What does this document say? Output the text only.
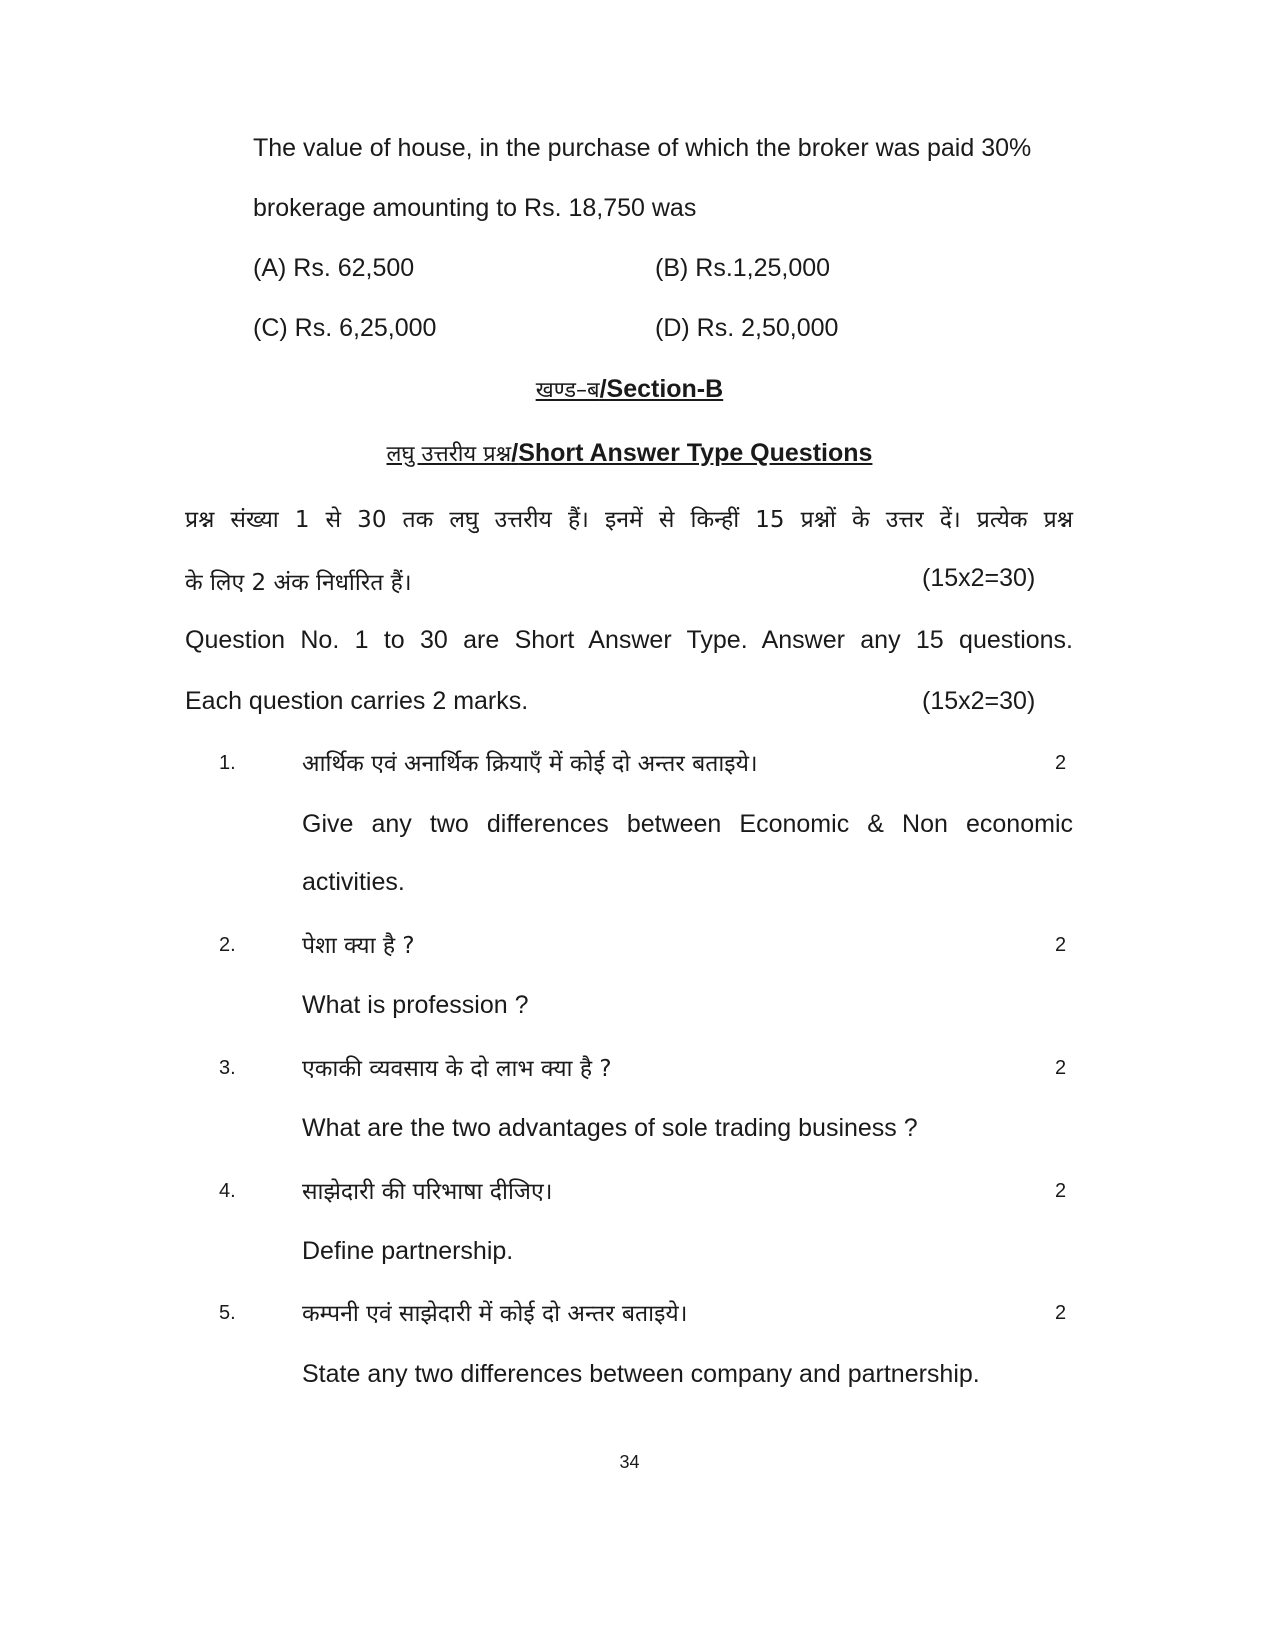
The value of house, in the purchase of which the broker was paid 30%
brokerage amounting to Rs. 18,750 was
(A) Rs. 62,500	(B) Rs.1,25,000
(C) Rs. 6,25,000	(D) Rs. 2,50,000
खण्ड–ब/Section-B
लघु उत्तरीय प्रश्न/Short Answer Type Questions
प्रश्न संख्या 1 से 30 तक लघु उत्तरीय हैं। इनमें से किन्हीं 15 प्रश्नों के उत्तर दें। प्रत्येक प्रश्न
के लिए 2 अंक निर्धारित हैं।	(15x2=30)
Question No. 1 to 30 are Short Answer Type. Answer any 15 questions.
Each question carries 2 marks.	(15x2=30)
1.	आर्थिक एवं अनार्थिक क्रियाएँ में कोई दो अन्तर बताइये।	2
Give any two differences between Economic & Non economic
activities.
2.	पेशा क्या है ?	2
What is profession ?
3.	एकाकी व्यवसाय के दो लाभ क्या है ?	2
What are the two advantages of sole trading business ?
4.	साझेदारी की परिभाषा दीजिए।	2
Define partnership.
5.	कम्पनी एवं साझेदारी में कोई दो अन्तर बताइये।	2
State any two differences between company and partnership.
34
